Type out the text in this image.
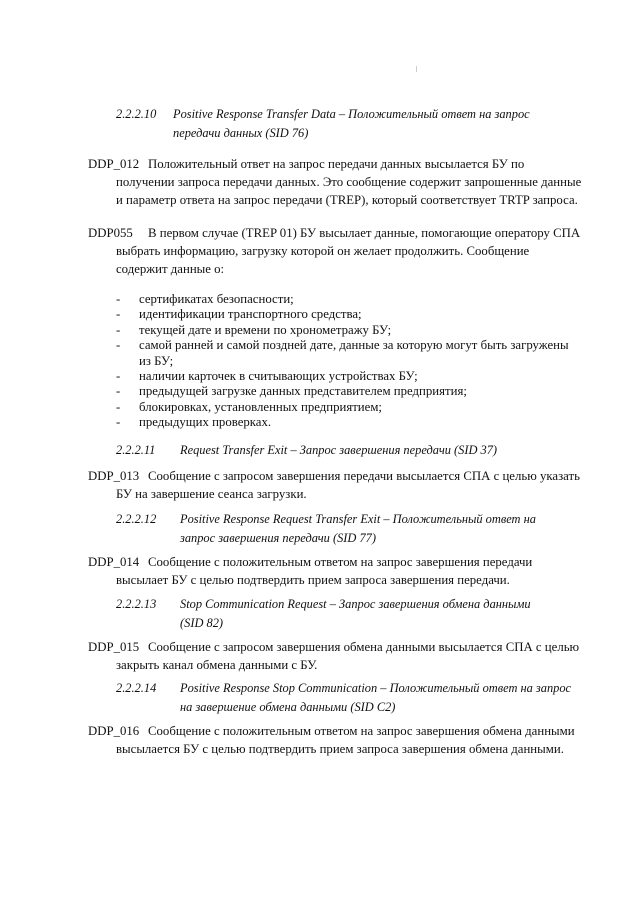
2.2.2.10 Positive Response Transfer Data – Положительный ответ на запрос
передачи данных (SID 76)
DDP_012 Положительный ответ на запрос передачи данных высылается БУ по
получении запроса передачи данных. Это сообщение содержит запрошенные данные
и параметр ответа на запрос передачи (TREP), который соответствует TRTP запроса.
DDP055 В первом случае (TREP 01) БУ высылает данные, помогающие оператору СПА
выбрать информацию, загрузку которой он желает продолжить. Сообщение
содержит данные о:
- сертификатах безопасности;
- идентификации транспортного средства;
- текущей дате и времени по хронометражу БУ;
- самой ранней и самой поздней дате, данные за которую могут быть загружены
из БУ;
- наличии карточек в считывающих устройствах БУ;
- предыдущей загрузке данных представителем предприятия;
- блокировках, установленных предприятием;
- предыдущих проверках.
2.2.2.11 Request Transfer Exit – Запрос завершения передачи (SID 37)
DDP_013 Сообщение с запросом завершения передачи высылается СПА с целью указать
БУ на завершение сеанса загрузки.
2.2.2.12 Positive Response Request Transfer Exit – Положительный ответ на
запрос завершения передачи (SID 77)
DDP_014 Сообщение с положительным ответом на запрос завершения передачи
высылает БУ с целью подтвердить прием запроса завершения передачи.
2.2.2.13 Stop Communication Request – Запрос завершения обмена данными
(SID 82)
DDP_015 Сообщение с запросом завершения обмена данными высылается СПА с целью
закрыть канал обмена данными с БУ.
2.2.2.14 Positive Response Stop Communication – Положительный ответ на запрос
на завершение обмена данными (SID C2)
DDP_016 Сообщение с положительным ответом на запрос завершения обмена данными
высылается БУ с целью подтвердить прием запроса завершения обмена данными.
